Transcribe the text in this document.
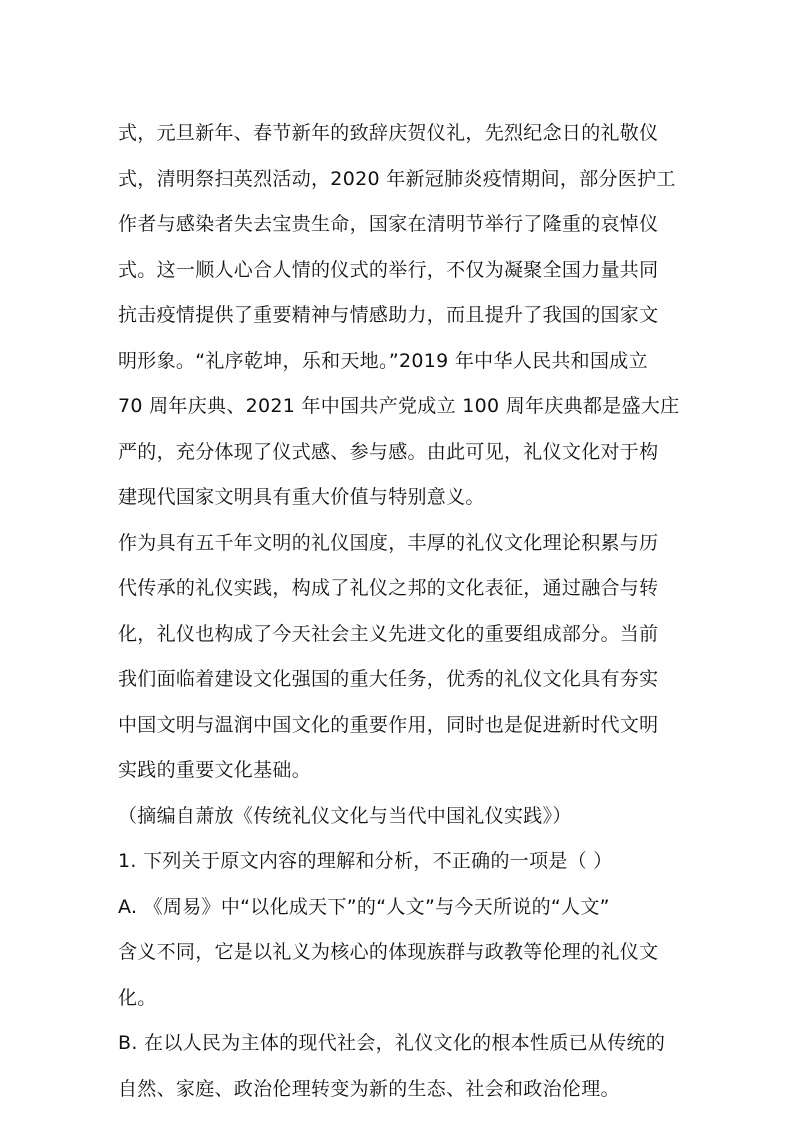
式，元旦新年、春节新年的致辞庆贺仪礼，先烈纪念日的礼敬仪

式，清明祭扫英烈活动，2020 年新冠肺炎疫情期间，部分医护工

作者与感染者失去宝贵生命，国家在清明节举行了隆重的哀悼仪

式。这一顺人心合人情的仪式的举行，不仅为凝聚全国力量共同

抗击疫情提供了重要精神与情感助力，而且提升了我国的国家文

明形象。“礼序乾坤，乐和天地。”2019 年中华人民共和国成立

70 周年庆典、2021 年中国共产党成立 100 周年庆典都是盛大庄

严的，充分体现了仪式感、参与感。由此可见，礼仪文化对于构

建现代国家文明具有重大价值与特别意义。

作为具有五千年文明的礼仪国度，丰厚的礼仪文化理论积累与历

代传承的礼仪实践，构成了礼仪之邦的文化表征，通过融合与转

化，礼仪也构成了今天社会主义先进文化的重要组成部分。当前

我们面临着建设文化强国的重大任务，优秀的礼仪文化具有夯实

中国文明与温润中国文化的重要作用，同时也是促进新时代文明

实践的重要文化基础。

（摘编自萧放《传统礼仪文化与当代中国礼仪实践》）

1. 下列关于原文内容的理解和分析，不正确的一项是（ ）

A. 《周易》中“以化成天下”的“人文”与今天所说的“人文”

含义不同，它是以礼义为核心的体现族群与政教等伦理的礼仪文

化。

B. 在以人民为主体的现代社会，礼仪文化的根本性质已从传统的

自然、家庭、政治伦理转变为新的生态、社会和政治伦理。
